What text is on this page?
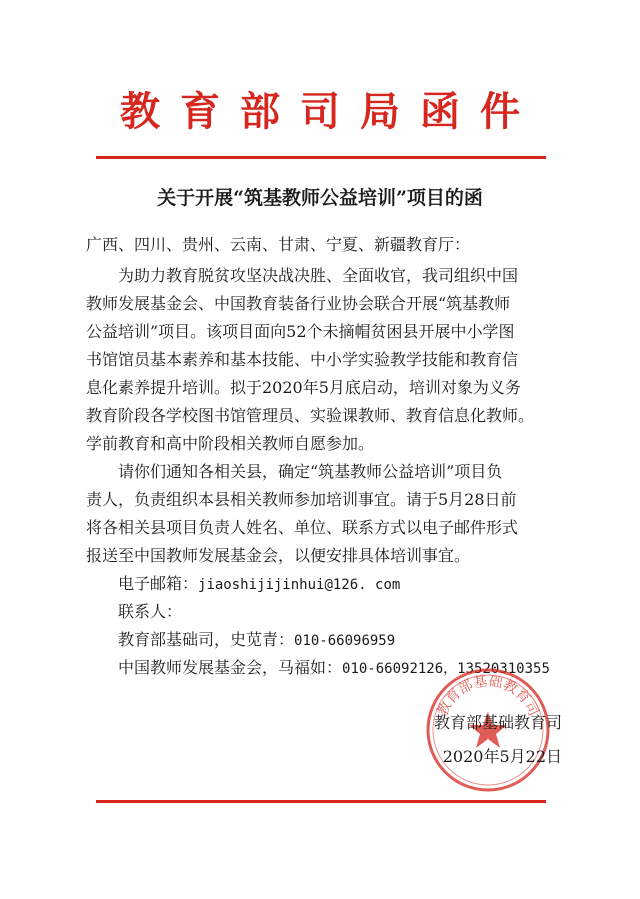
教育部司局函件
关于开展“筑基教师公益培训”项目的函
广西、四川、贵州、云南、甘肃、宁夏、新疆教育厅：
为助力教育脱贫攻坚决战决胜、全面收官，我司组织中国
教师发展基金会、中国教育装备行业协会联合开展“筑基教师
公益培训”项目。该项目面向52个未摘帽贫困县开展中小学图
书馆馆员基本素养和基本技能、中小学实验教学技能和教育信
息化素养提升培训。拟于2020年5月底启动，培训对象为义务
教育阶段各学校图书馆管理员、实验课教师、教育信息化教师。
学前教育和高中阶段相关教师自愿参加。
请你们通知各相关县，确定“筑基教师公益培训”项目负
责人，负责组织本县相关教师参加培训事宜。请于5月28日前
将各相关县项目负责人姓名、单位、联系方式以电子邮件形式
报送至中国教师发展基金会，以便安排具体培训事宜。
电子邮箱：jiaoshijijinhui@126. com
联系人：
教育部基础司，史苋青：010-66096959
中国教师发展基金会，马福如：010-66092126，13520310355
教育部基础教育司
教育部基础教育司
2020年5月22日
